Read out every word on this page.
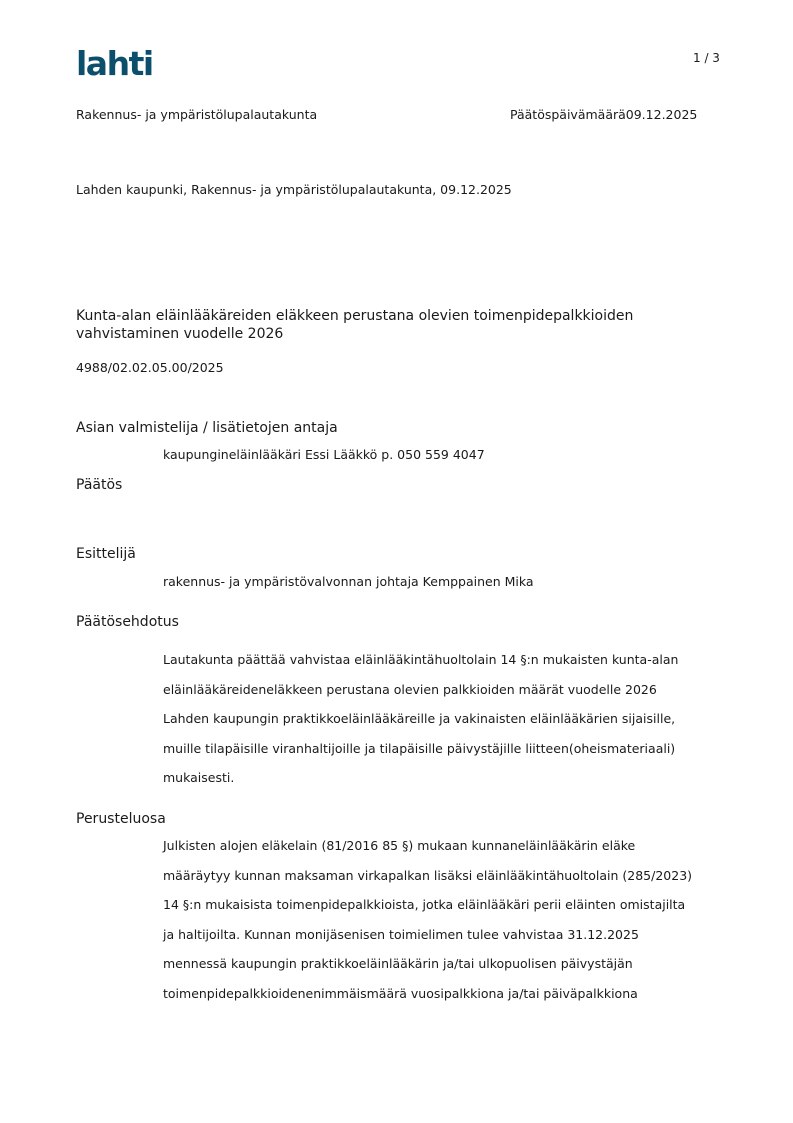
lahti	1 / 3
Rakennus- ja ympäristölupalautakunta	Päätöspäivämäärä09.12.2025
Lahden kaupunki, Rakennus- ja ympäristölupalautakunta, 09.12.2025
Kunta-alan eläinlääkäreiden eläkkeen perustana olevien toimenpidepalkkioiden
vahvistaminen vuodelle 2026
4988/02.02.05.00/2025
Asian valmistelija / lisätietojen antaja
kaupungineläinlääkäri Essi Lääkkö p. 050 559 4047
Päätös
Esittelijä
rakennus- ja ympäristövalvonnan johtaja Kemppainen Mika
Päätösehdotus
Lautakunta päättää vahvistaa eläinlääkintähuoltolain 14 §:n mukaisten kunta-alan
eläinlääkäreideneläkkeen perustana olevien palkkioiden määrät vuodelle 2026
Lahden kaupungin praktikkoeläinlääkäreille ja vakinaisten eläinlääkärien sijaisille,
muille tilapäisille viranhaltijoille ja tilapäisille päivystäjille liitteen(oheismateriaali)
mukaisesti.
Perusteluosa
Julkisten alojen eläkelain (81/2016 85 §) mukaan kunnaneläinlääkärin eläke
määräytyy kunnan maksaman virkapalkan lisäksi eläinlääkintähuoltolain (285/2023)
14 §:n mukaisista toimenpidepalkkioista, jotka eläinlääkäri perii eläinten omistajilta
ja haltijoilta. Kunnan monijäsenisen toimielimen tulee vahvistaa 31.12.2025
mennessä kaupungin praktikkoeläinlääkärin ja/tai ulkopuolisen päivystäjän
toimenpidepalkkioidenenimmäismäärä vuosipalkkiona ja/tai päiväpalkkiona
